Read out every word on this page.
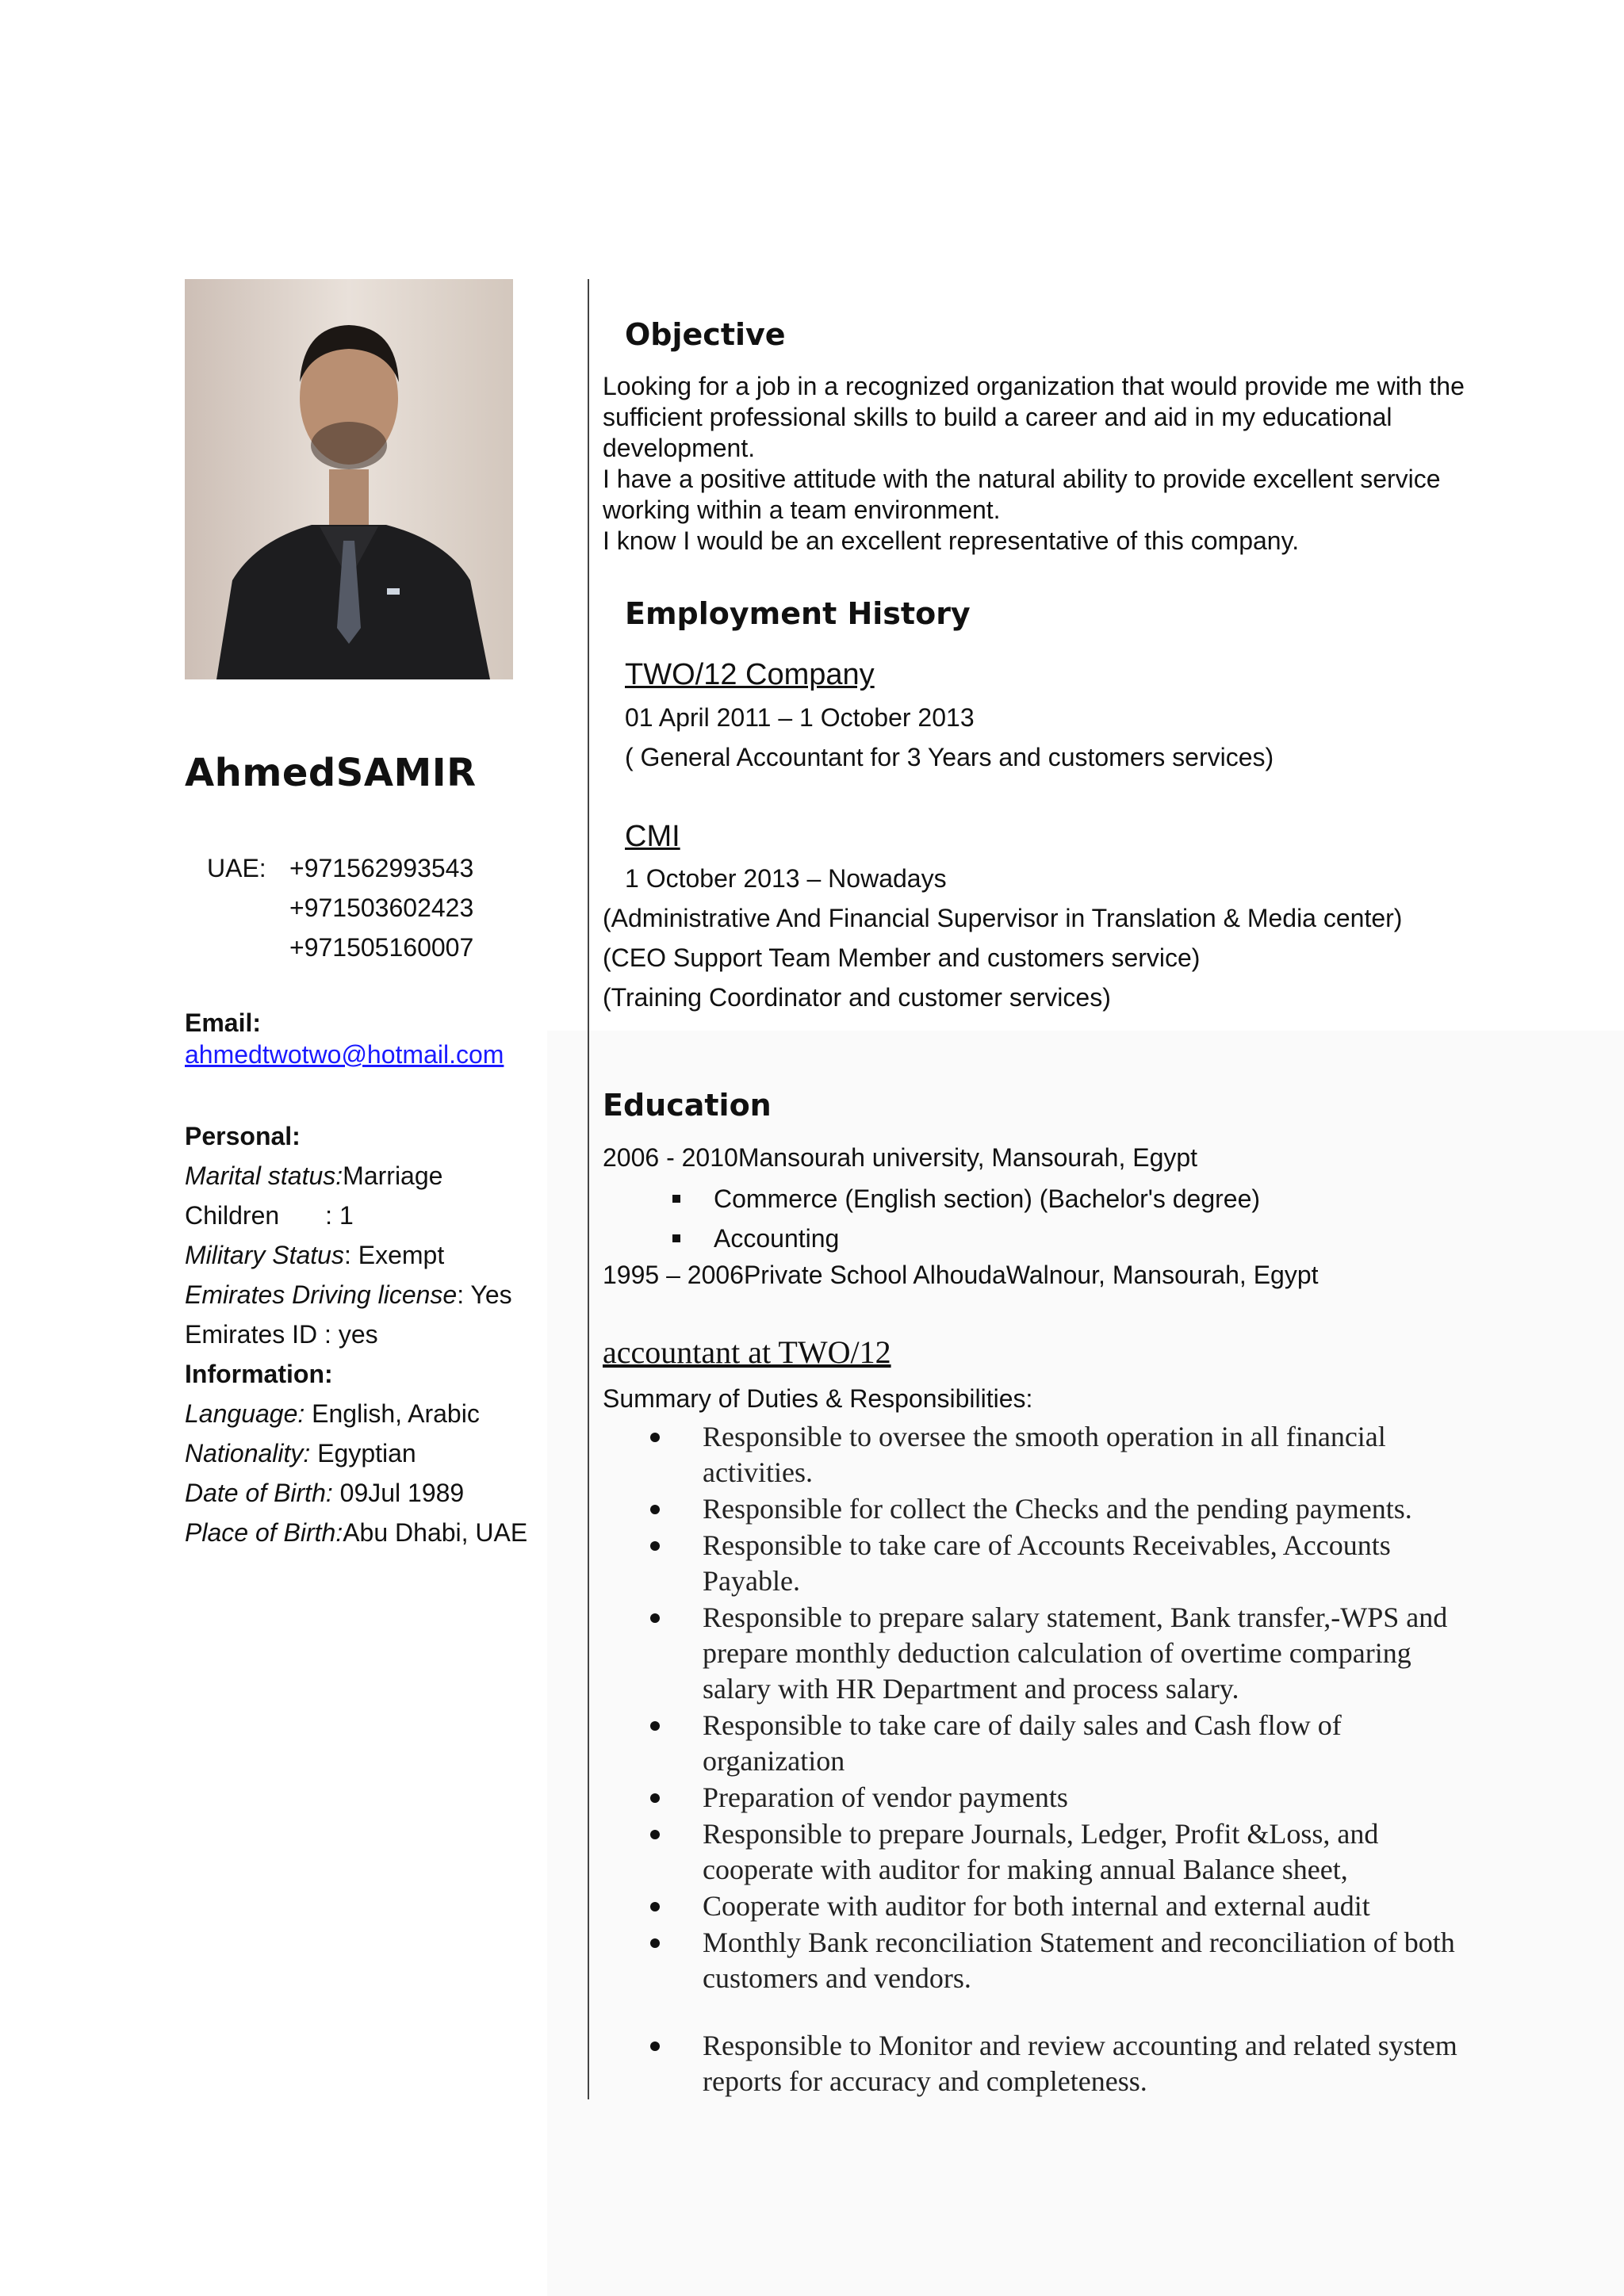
AhmedSAMIR
UAE: +971562993543
+971503602423
+971505160007
Email:
ahmedtwotwo@hotmail.com
Personal:
Marital status:Marriage
Children : 1
Military Status: Exempt
Emirates Driving license: Yes
Emirates ID : yes
Information:
Language: English, Arabic
Nationality: Egyptian
Date of Birth: 09Jul 1989
Place of Birth:Abu Dhabi, UAE
Objective
Looking for a job in a recognized organization that would provide me with the
sufficient professional skills to build a career and aid in my educational
development.
I have a positive attitude with the natural ability to provide excellent service
working within a team environment.
I know I would be an excellent representative of this company.
Employment History
TWO/12 Company
01 April 2011 – 1 October 2013
( General Accountant for 3 Years and customers services)
CMI
1 October 2013 – Nowadays
(Administrative And Financial Supervisor in Translation & Media center)
(CEO Support Team Member and customers service)
(Training Coordinator and customer services)
Education
2006 - 2010Mansourah university, Mansourah, Egypt
Commerce (English section) (Bachelor's degree)
Accounting
1995 – 2006Private School AlhoudaWalnour, Mansourah, Egypt
accountant at TWO/12
Summary of Duties & Responsibilities:
Responsible to oversee the smooth operation in all financial
activities.
Responsible for collect the Checks and the pending payments.
Responsible to take care of Accounts Receivables, Accounts
Payable.
Responsible to prepare salary statement, Bank transfer,-WPS and
prepare monthly deduction calculation of overtime comparing
salary with HR Department and process salary.
Responsible to take care of daily sales and Cash flow of
organization
Preparation of vendor payments
Responsible to prepare Journals, Ledger, Profit &Loss, and
cooperate with auditor for making annual Balance sheet,
Cooperate with auditor for both internal and external audit
Monthly Bank reconciliation Statement and reconciliation of both
customers and vendors.
Responsible to Monitor and review accounting and related system
reports for accuracy and completeness.
